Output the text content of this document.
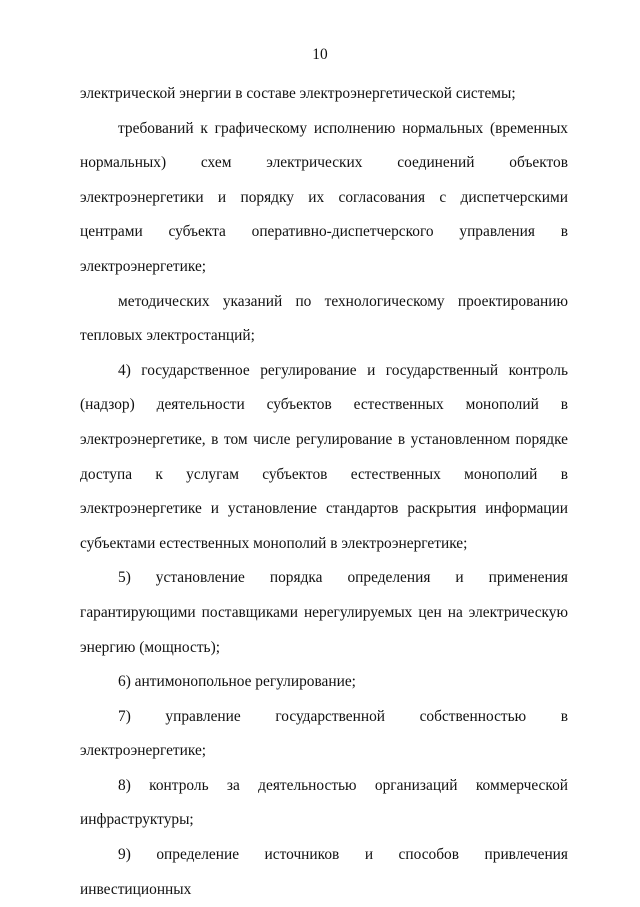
10

электрической энергии в составе электроэнергетической системы;

требований к графическому исполнению нормальных (временных нормальных) схем электрических соединений объектов электроэнергетики и порядку их согласования с диспетчерскими центрами субъекта оперативно-диспетчерского управления в электроэнергетике;

методических указаний по технологическому проектированию тепловых электростанций;

4) государственное регулирование и государственный контроль (надзор) деятельности субъектов естественных монополий в электроэнергетике, в том числе регулирование в установленном порядке доступа к услугам субъектов естественных монополий в электроэнергетике и установление стандартов раскрытия информации субъектами естественных монополий в электроэнергетике;

5) установление порядка определения и применения гарантирующими поставщиками нерегулируемых цен на электрическую энергию (мощность);

6) антимонопольное регулирование;

7) управление государственной собственностью в электроэнергетике;

8) контроль за деятельностью организаций коммерческой инфраструктуры;

9) определение источников и способов привлечения инвестиционных
